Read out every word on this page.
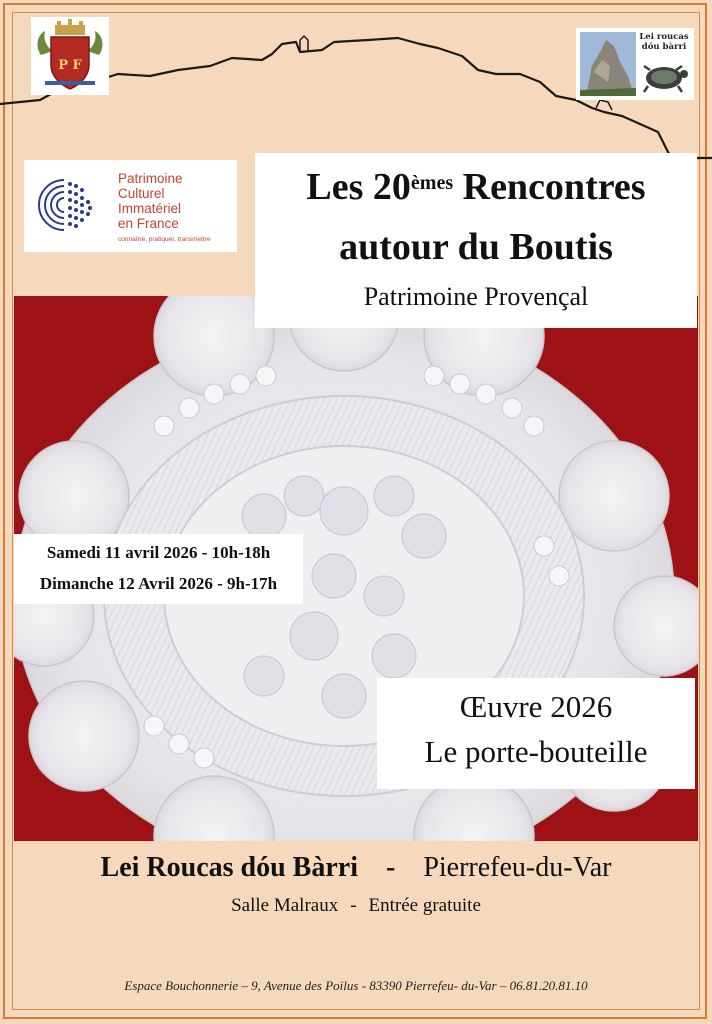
P F
Lei roucas
dóu bàrri
Patrimoine
Culturel
Immatériel
en France
connaître, pratiquer, transmettre
Les 20èmes Rencontres
autour du Boutis
Patrimoine Provençal
Samedi 11 avril 2026 - 10h-18h
Dimanche 12 Avril 2026 - 9h-17h
Œuvre 2026
Le porte-bouteille
Lei Roucas dóu Bàrri - Pierrefeu-du-Var
Salle Malraux - Entrée gratuite
Espace Bouchonnerie – 9, Avenue des Poilus - 83390 Pierrefeu- du-Var – 06.81.20.81.10
